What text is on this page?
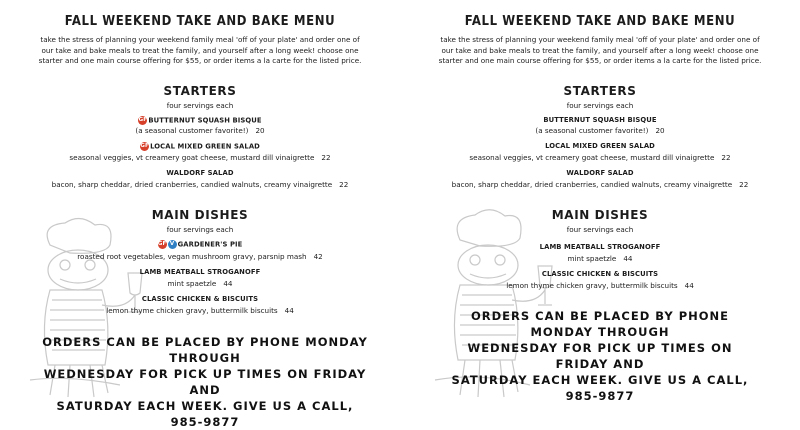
FALL WEEKEND TAKE AND BAKE MENU
take the stress of planning your weekend family meal 'off of your plate' and order one of
our take and bake meals to treat the family, and yourself after a long week! choose one
starter and one main course offering for $55, or order items a la carte for the listed price.
STARTERS
four servings each
GFBUTTERNUT SQUASH BISQUE
(a seasonal customer favorite!) 20
GFLOCAL MIXED GREEN SALAD
seasonal veggies, vt creamery goat cheese, mustard dill vinaigrette 22
WALDORF SALAD
bacon, sharp cheddar, dried cranberries, candied walnuts, creamy vinaigrette 22
MAIN DISHES
four servings each
GF V GARDENER'S PIE
roasted root vegetables, vegan mushroom gravy, parsnip mash 42
LAMB MEATBALL STROGANOFF
mint spaetzle 44
CLASSIC CHICKEN & BISCUITS
lemon thyme chicken gravy, buttermilk biscuits 44
ORDERS CAN BE PLACED BY PHONE MONDAY THROUGH
WEDNESDAY FOR PICK UP TIMES ON FRIDAY AND
SATURDAY EACH WEEK. GIVE US A CALL, 985-9877
FALL WEEKEND TAKE AND BAKE MENU
take the stress of planning your weekend family meal 'off of your plate' and order one of
our take and bake meals to treat the family, and yourself after a long week! choose one
starter and one main course offering for $55, or order items a la carte for the listed price.
STARTERS
four servings each
BUTTERNUT SQUASH BISQUE
(a seasonal customer favorite!) 20
LOCAL MIXED GREEN SALAD
seasonal veggies, vt creamery goat cheese, mustard dill vinaigrette 22
WALDORF SALAD
bacon, sharp cheddar, dried cranberries, candied walnuts, creamy vinaigrette 22
MAIN DISHES
four servings each
LAMB MEATBALL STROGANOFF
mint spaetzle 44
CLASSIC CHICKEN & BISCUITS
lemon thyme chicken gravy, buttermilk biscuits 44
ORDERS CAN BE PLACED BY PHONE MONDAY THROUGH
WEDNESDAY FOR PICK UP TIMES ON FRIDAY AND
SATURDAY EACH WEEK. GIVE US A CALL, 985-9877
